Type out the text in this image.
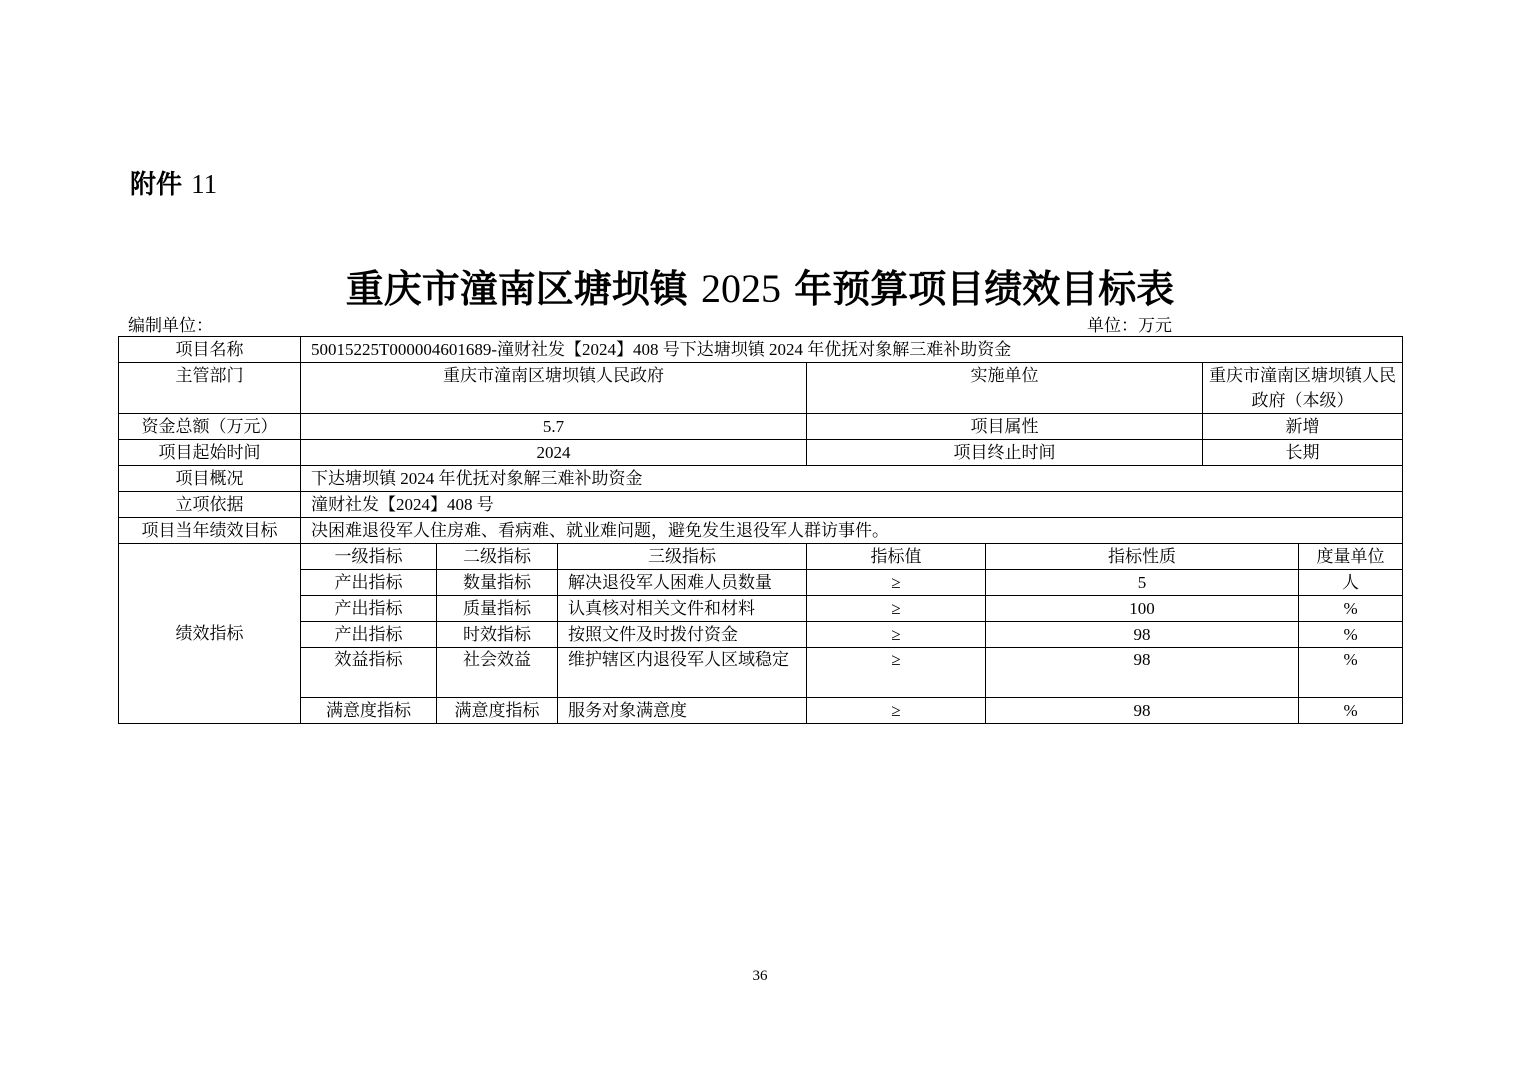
附件 11
重庆市潼南区塘坝镇 2025 年预算项目绩效目标表
编制单位：	单位：万元
项目名称	50015225T000004601689-潼财社发【2024】408 号下达塘坝镇 2024 年优抚对象解三难补助资金						
主管部门	重庆市潼南区塘坝镇人民政府			实施单位		重庆市潼南区塘坝镇人民政府（本级）	
资金总额（万元）	5.7			项目属性		新增	
项目起始时间	2024			项目终止时间		长期	
项目概况	下达塘坝镇 2024 年优抚对象解三难补助资金						
立项依据	潼财社发【2024】408 号						
项目当年绩效目标	决困难退役军人住房难、看病难、就业难问题，避免发生退役军人群访事件。						
绩效指标	一级指标	二级指标	三级指标	指标值	指标性质		度量单位
	产出指标	数量指标	解决退役军人困难人员数量	≥	5		人
	产出指标	质量指标	认真核对相关文件和材料	≥	100		%
	产出指标	时效指标	按照文件及时拨付资金	≥	98		%
	效益指标	社会效益	维护辖区内退役军人区域稳定	≥	98		%
	满意度指标	满意度指标	服务对象满意度	≥	98		%
36
